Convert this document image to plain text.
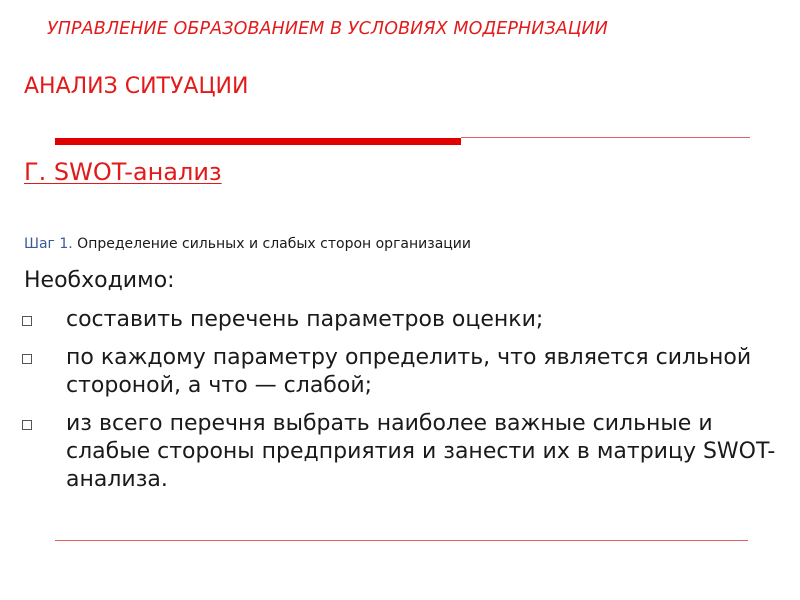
УПРАВЛЕНИЕ ОБРАЗОВАНИЕМ В УСЛОВИЯХ МОДЕРНИЗАЦИИ
АНАЛИЗ СИТУАЦИИ
Г. SWOT-анализ
Шаг 1. Определение сильных и слабых сторон организации
Необходимо:
составить перечень параметров оценки;
по каждому параметру определить, что является сильной стороной, а что — слабой;
из всего перечня выбрать наиболее важные сильные и слабые стороны предприятия и занести их в матрицу SWOT-анализа.
